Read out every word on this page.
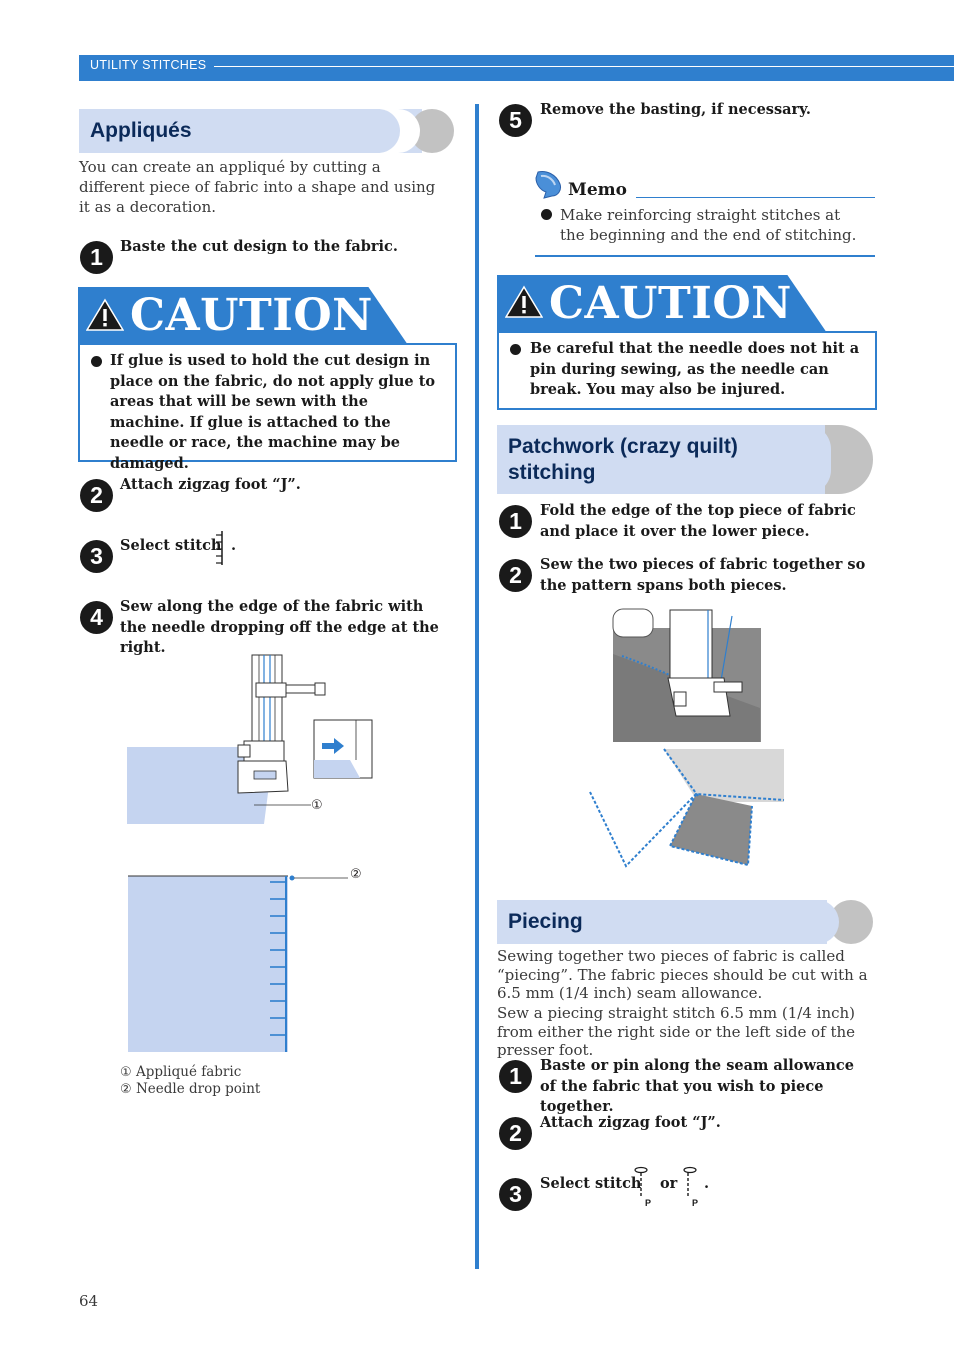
UTILITY STITCHES
Appliqués
You can create an appliqué by cutting a different piece of fabric into a shape and using it as a decoration.
1	Baste the cut design to the fabric.
CAUTION
If glue is used to hold the cut design in place on the fabric, do not apply glue to areas that will be sewn with the machine. If glue is attached to the needle or race, the machine may be damaged.
2	Attach zigzag foot “J”.
3	Select stitch .
4	Sew along the edge of the fabric with the needle dropping off the edge at the right.
①
②
① Appliqué fabric
② Needle drop point
64
5	Remove the basting, if necessary.
Memo
Make reinforcing straight stitches at the beginning and the end of stitching.
CAUTION
Be careful that the needle does not hit a pin during sewing, as the needle can break. You may also be injured.
Patchwork (crazy quilt)
stitching
1	Fold the edge of the top piece of fabric and place it over the lower piece.
2	Sew the two pieces of fabric together so the pattern spans both pieces.
Piecing
Sewing together two pieces of fabric is called “piecing”. The fabric pieces should be cut with a 6.5 mm (1/4 inch) seam allowance.
Sew a piecing straight stitch 6.5 mm (1/4 inch) from either the right side or the left side of the presser foot.
1	Baste or pin along the seam allowance of the fabric that you wish to piece together.
2	Attach zigzag foot “J”.
3	Select stitch
P
or
P
.
